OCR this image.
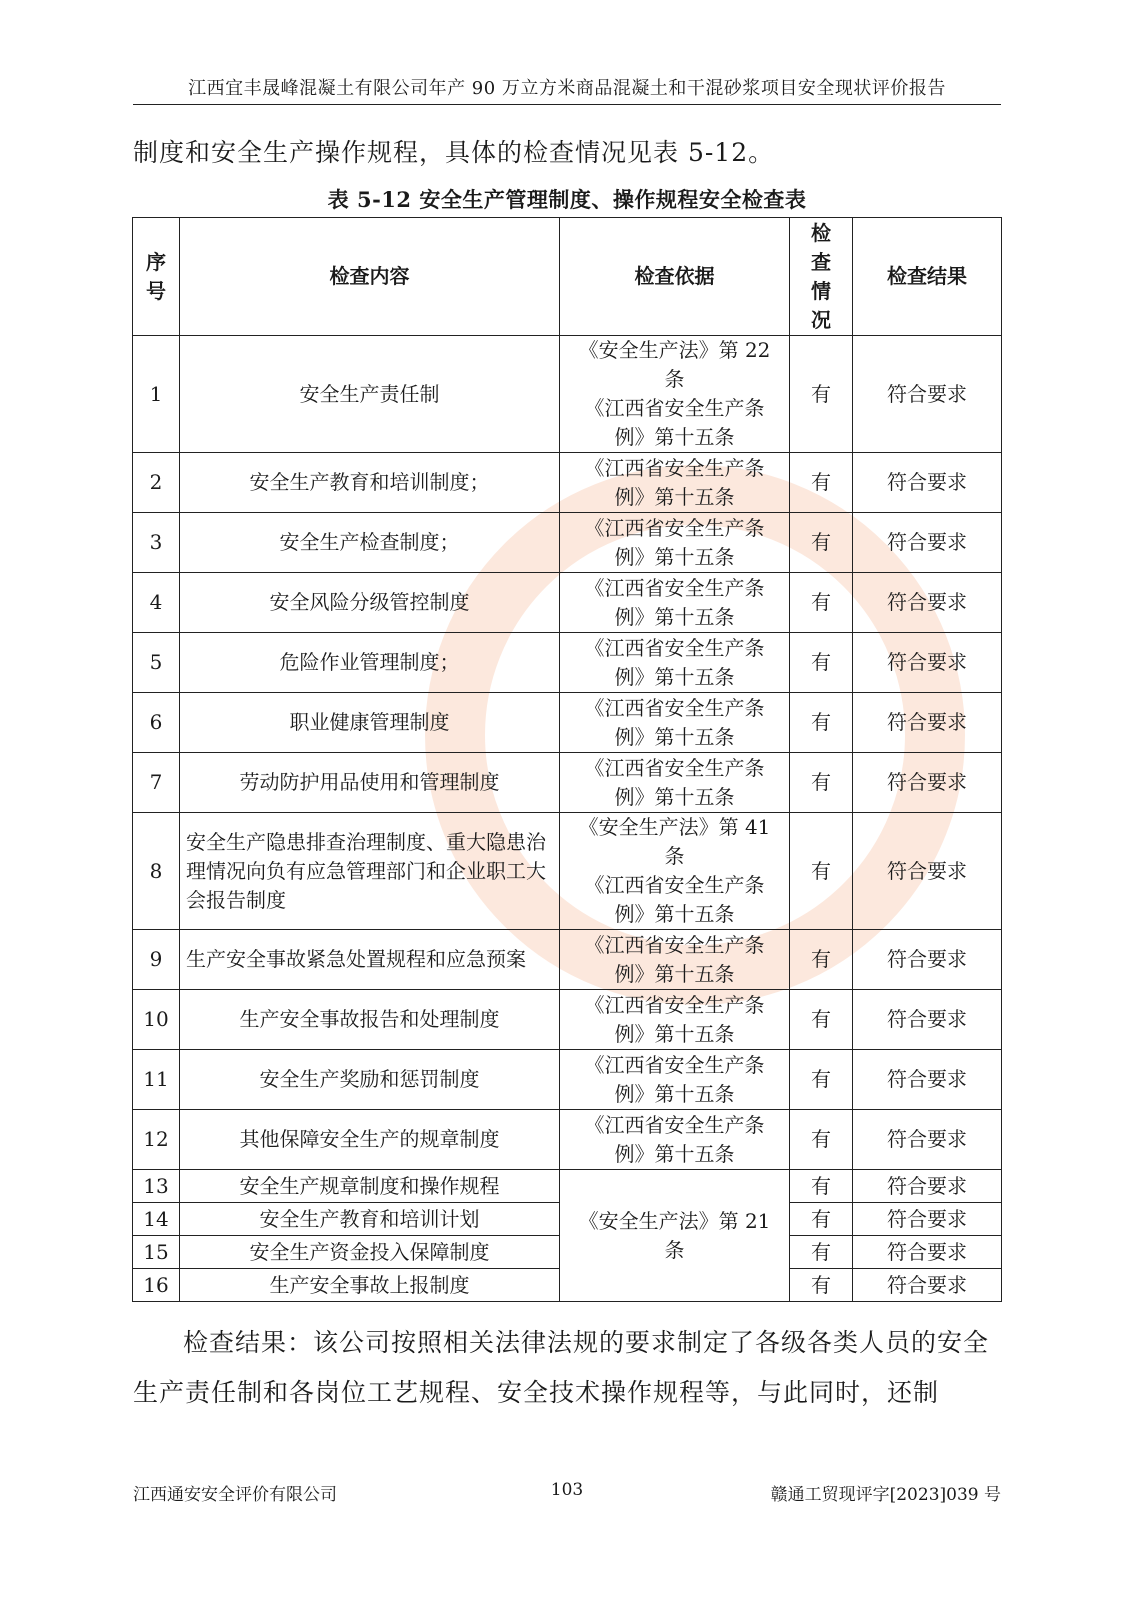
江西宜丰晟峰混凝土有限公司年产 90 万立方米商品混凝土和干混砂浆项目安全现状评价报告
制度和安全生产操作规程，具体的检查情况见表 5-12。
表 5-12 安全生产管理制度、操作规程安全检查表
序
号	检查内容	检查依据	检
查
情
况	检查结果
1	安全生产责任制	《安全生产法》第 22
条
《江西省安全生产条
例》第十五条	有	符合要求
2	安全生产教育和培训制度；	《江西省安全生产条
例》第十五条	有	符合要求
3	安全生产检查制度；	《江西省安全生产条
例》第十五条	有	符合要求
4	安全风险分级管控制度	《江西省安全生产条
例》第十五条	有	符合要求
5	危险作业管理制度；	《江西省安全生产条
例》第十五条	有	符合要求
6	职业健康管理制度	《江西省安全生产条
例》第十五条	有	符合要求
7	劳动防护用品使用和管理制度	《江西省安全生产条
例》第十五条	有	符合要求
8	安全生产隐患排查治理制度、重大隐患治理情况向负有应急管理部门和企业职工大会报告制度	《安全生产法》第 41
条
《江西省安全生产条
例》第十五条	有	符合要求
9	生产安全事故紧急处置规程和应急预案	《江西省安全生产条
例》第十五条	有	符合要求
10	生产安全事故报告和处理制度	《江西省安全生产条
例》第十五条	有	符合要求
11	安全生产奖励和惩罚制度	《江西省安全生产条
例》第十五条	有	符合要求
12	其他保障安全生产的规章制度	《江西省安全生产条
例》第十五条	有	符合要求
13	安全生产规章制度和操作规程	《安全生产法》第 21
条	有	符合要求
14	安全生产教育和培训计划		有	符合要求
15	安全生产资金投入保障制度		有	符合要求
16	生产安全事故上报制度		有	符合要求
检查结果：该公司按照相关法律法规的要求制定了各级各类人员的安全生产责任制和各岗位工艺规程、安全技术操作规程等，与此同时，还制
江西通安安全评价有限公司	103	赣通工贸现评字[2023]039 号
